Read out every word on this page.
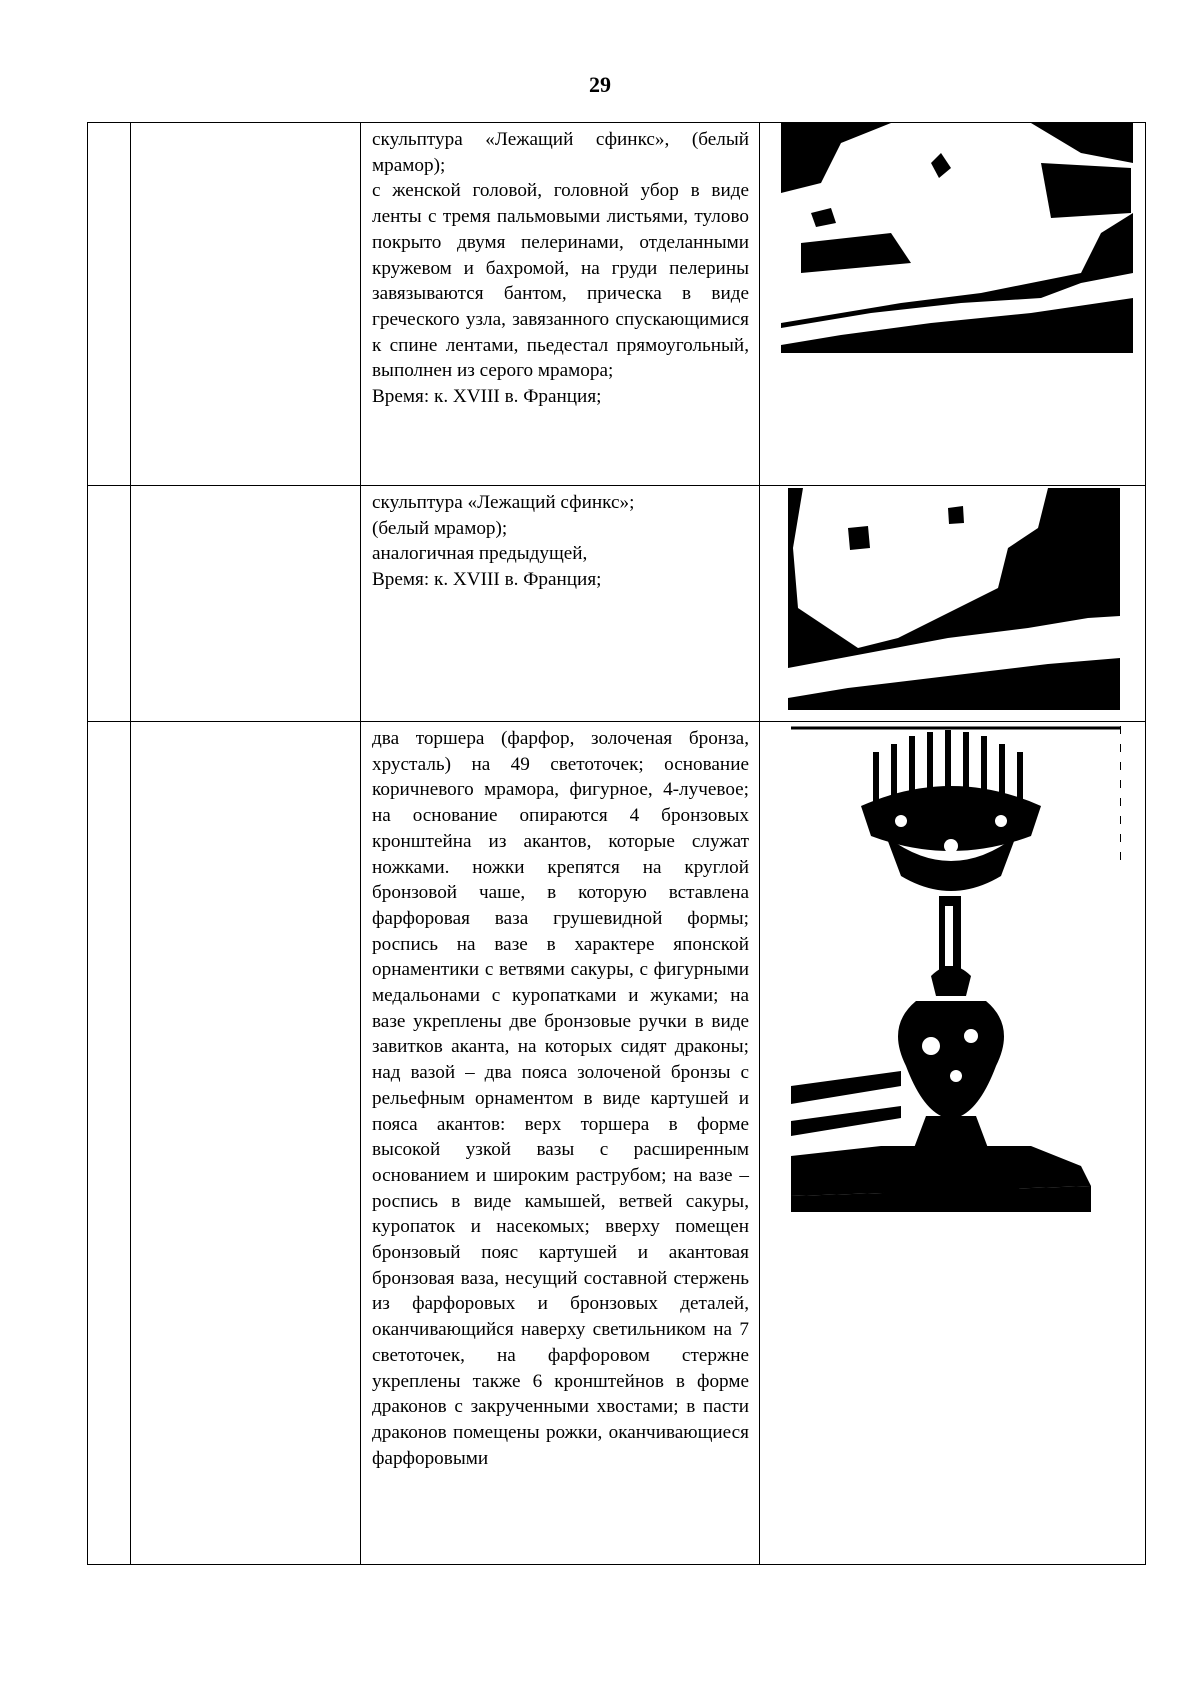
29

		скульптура «Лежащий сфинкс», (белый мрамор);

с женской головой, головной убор в виде ленты с тремя пальмовыми листьями, тулово покрыто двумя пелеринами, отделанными кружевом и бахромой, на груди пелерины завязываются бантом, прическа в виде греческого узла, завязанного спускающимися к спине лентами, пьедестал прямоугольный, выполнен из серого мрамора;

Время: к. XVIII в. Франция;

		скульптура «Лежащий сфинкс»;

(белый мрамор);

аналогичная предыдущей,

Время: к. XVIII в. Франция;

		два торшера (фарфор, золоченая бронза, хрусталь) на 49 светоточек; основание коричневого мрамора, фигурное, 4-лучевое; на основание опираются 4 бронзовых кронштейна из акантов, которые служат ножками. ножки крепятся на круглой бронзовой чаше, в которую вставлена фарфоровая ваза грушевидной формы; роспись на вазе в характере японской орнаментики с ветвями сакуры, с фигурными медальонами с куропатками и жуками; на вазе укреплены две бронзовые ручки в виде завитков аканта, на которых сидят драконы; над вазой – два пояса золоченой бронзы с рельефным орнаментом в виде картушей и пояса акантов: верх торшера в форме высокой узкой вазы с расширенным основанием и широким раструбом; на вазе – роспись в виде камышей, ветвей сакуры, куропаток и насекомых; вверху помещен бронзовый пояс картушей и акантовая бронзовая ваза, несущий составной стержень из фарфоровых и бронзовых деталей, оканчивающийся наверху светильником на 7 светоточек, на фарфоровом стержне укреплены также 6 кронштейнов в форме драконов с закрученными хвостами; в пасти драконов помещены рожки, оканчивающиеся фарфоровыми
